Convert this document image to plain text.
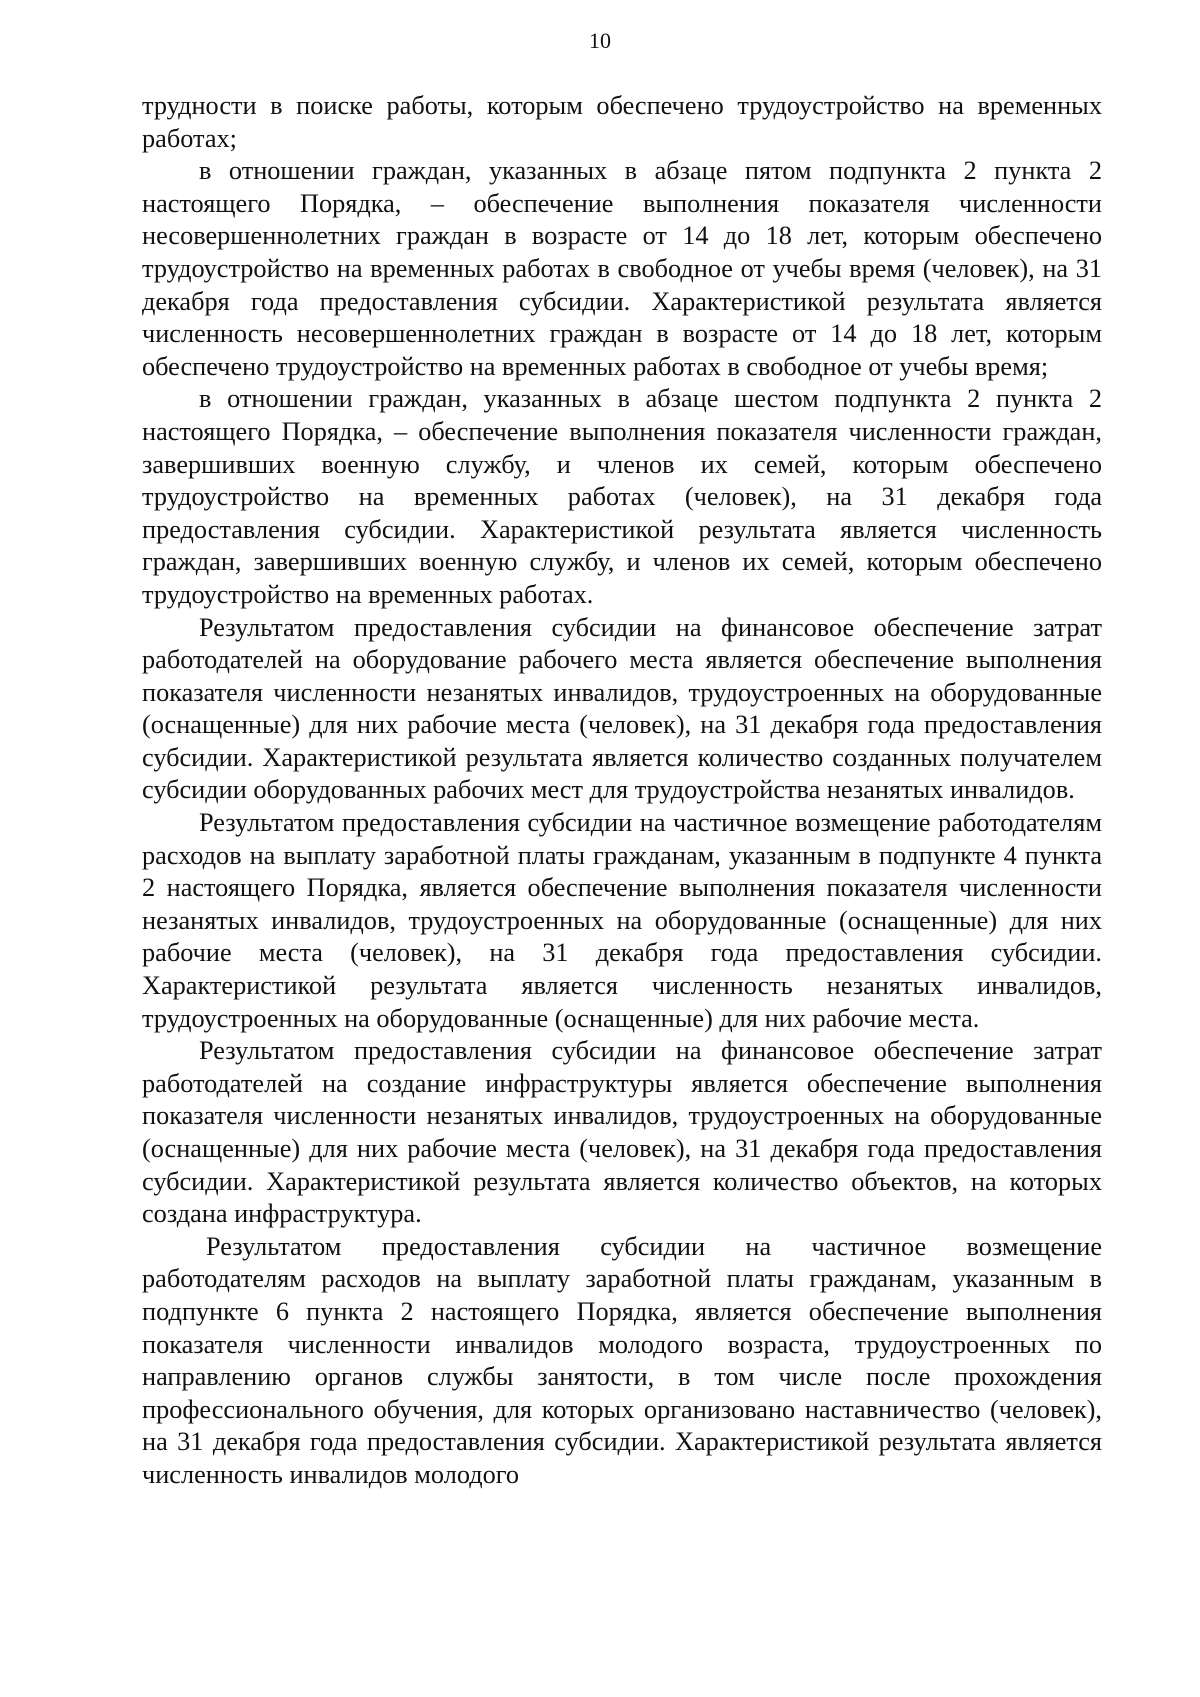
10

трудности в поиске работы, которым обеспечено трудоустройство на временных работах;

в отношении граждан, указанных в абзаце пятом подпункта 2 пункта 2 настоящего Порядка, – обеспечение выполнения показателя численности несовершеннолетних граждан в возрасте от 14 до 18 лет, которым обеспечено трудоустройство на временных работах в свободное от учебы время (человек), на 31 декабря года предоставления субсидии. Характеристикой результата является численность несовершеннолетних граждан в возрасте от 14 до 18 лет, которым обеспечено трудоустройство на временных работах в свободное от учебы время;

в отношении граждан, указанных в абзаце шестом подпункта 2 пункта 2 настоящего Порядка, – обеспечение выполнения показателя численности граждан, завершивших военную службу, и членов их семей, которым обеспечено трудоустройство на временных работах (человек), на 31 декабря года предоставления субсидии. Характеристикой результата является численность граждан, завершивших военную службу, и членов их семей, которым обеспечено трудоустройство на временных работах.

Результатом предоставления субсидии на финансовое обеспечение затрат работодателей на оборудование рабочего места является обеспечение выполнения показателя численности незанятых инвалидов, трудоустроенных на оборудованные (оснащенные) для них рабочие места (человек), на 31 декабря года предоставления субсидии. Характеристикой результата является количество созданных получателем субсидии оборудованных рабочих мест для трудоустройства незанятых инвалидов.

Результатом предоставления субсидии на частичное возмещение работодателям расходов на выплату заработной платы гражданам, указанным в подпункте 4 пункта 2 настоящего Порядка, является обеспечение выполнения показателя численности незанятых инвалидов, трудоустроенных на оборудованные (оснащенные) для них рабочие места (человек), на 31 декабря года предоставления субсидии. Характеристикой результата является численность незанятых инвалидов, трудоустроенных на оборудованные (оснащенные) для них рабочие места.

Результатом предоставления субсидии на финансовое обеспечение затрат работодателей на создание инфраструктуры является обеспечение выполнения показателя численности незанятых инвалидов, трудоустроенных на оборудованные (оснащенные) для них рабочие места (человек), на 31 декабря года предоставления субсидии. Характеристикой результата является количество объектов, на которых создана инфраструктура.

Результатом предоставления субсидии на частичное возмещение работодателям расходов на выплату заработной платы гражданам, указанным в подпункте 6 пункта 2 настоящего Порядка, является обеспечение выполнения показателя численности инвалидов молодого возраста, трудоустроенных по направлению органов службы занятости, в том числе после прохождения профессионального обучения, для которых организовано наставничество (человек), на 31 декабря года предоставления субсидии. Характеристикой результата является численность инвалидов молодого
